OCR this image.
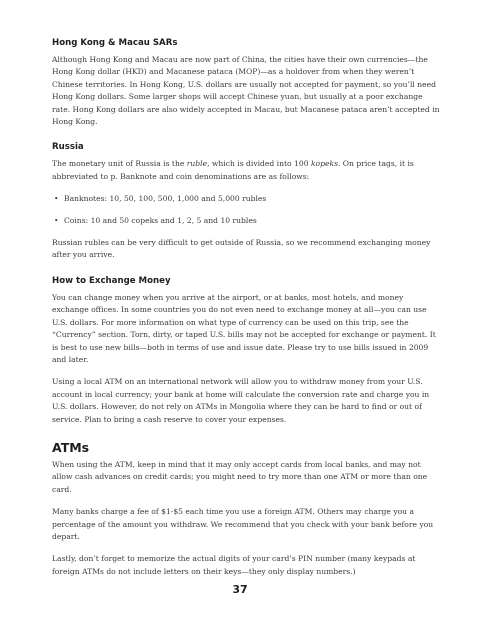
Hong Kong & Macau SARs

Although Hong Kong and Macau are now part of China, the cities have their own currencies—the Hong Kong dollar (HKD) and Macanese pataca (MOP)—as a holdover from when they weren’t Chinese territories. In Hong Kong, U.S. dollars are usually not accepted for payment, so you’ll need Hong Kong dollars. Some larger shops will accept Chinese yuan, but usually at a poor exchange rate. Hong Kong dollars are also widely accepted in Macau, but Macanese pataca aren’t accepted in Hong Kong.

Russia

The monetary unit of Russia is the ruble, which is divided into 100 kopeks. On price tags, it is abbreviated to p. Banknote and coin denominations are as follows:

• Banknotes: 10, 50, 100, 500, 1,000 and 5,000 rubles
• Coins: 10 and 50 copeks and 1, 2, 5 and 10 rubles

Russian rubles can be very difficult to get outside of Russia, so we recommend exchanging money after you arrive.

How to Exchange Money

You can change money when you arrive at the airport, or at banks, most hotels, and money exchange offices. In some countries you do not even need to exchange money at all—you can use U.S. dollars. For more information on what type of currency can be used on this trip, see the “Currency” section. Torn, dirty, or taped U.S. bills may not be accepted for exchange or payment. It is best to use new bills—both in terms of use and issue date. Please try to use bills issued in 2009 and later.

Using a local ATM on an international network will allow you to withdraw money from your U.S. account in local currency; your bank at home will calculate the conversion rate and charge you in U.S. dollars. However, do not rely on ATMs in Mongolia where they can be hard to find or out of service. Plan to bring a cash reserve to cover your expenses.

ATMs

When using the ATM, keep in mind that it may only accept cards from local banks, and may not allow cash advances on credit cards; you might need to try more than one ATM or more than one card.

Many banks charge a fee of $1-$5 each time you use a foreign ATM. Others may charge you a percentage of the amount you withdraw. We recommend that you check with your bank before you depart.

Lastly, don’t forget to memorize the actual digits of your card’s PIN number (many keypads at foreign ATMs do not include letters on their keys—they only display numbers.)

37
